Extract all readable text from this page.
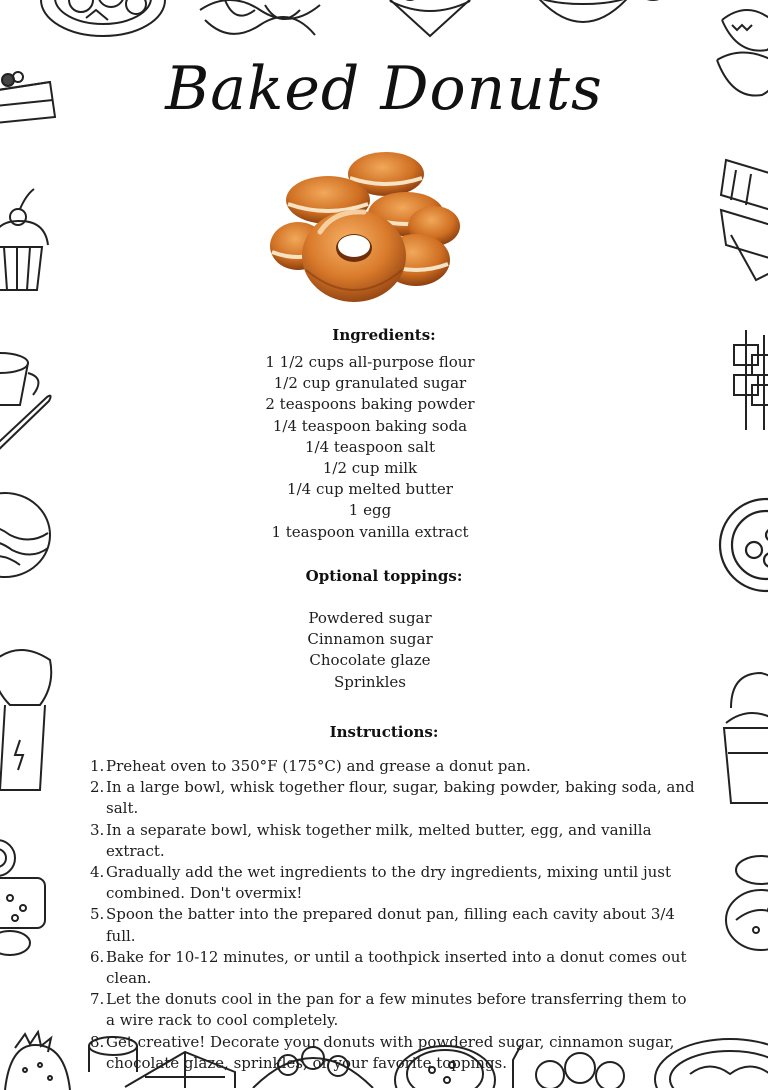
Baked Donuts
Ingredients:
1 1/2 cups all-purpose flour
1/2 cup granulated sugar
2 teaspoons baking powder
1/4 teaspoon baking soda
1/4 teaspoon salt
1/2 cup milk
1/4 cup melted butter
1 egg
1 teaspoon vanilla extract
Optional toppings:
Powdered sugar
Cinnamon sugar
Chocolate glaze
Sprinkles
Instructions:
1. Preheat oven to 350°F (175°C) and grease a donut pan.
2. In a large bowl, whisk together flour, sugar, baking powder, baking soda, and salt.
3. In a separate bowl, whisk together milk, melted butter, egg, and vanilla extract.
4. Gradually add the wet ingredients to the dry ingredients, mixing until just combined. Don't overmix!
5. Spoon the batter into the prepared donut pan, filling each cavity about 3/4 full.
6. Bake for 10-12 minutes, or until a toothpick inserted into a donut comes out clean.
7. Let the donuts cool in the pan for a few minutes before transferring them to a wire rack to cool completely.
8. Get creative! Decorate your donuts with powdered sugar, cinnamon sugar, chocolate glaze, sprinkles, or your favorite toppings.
